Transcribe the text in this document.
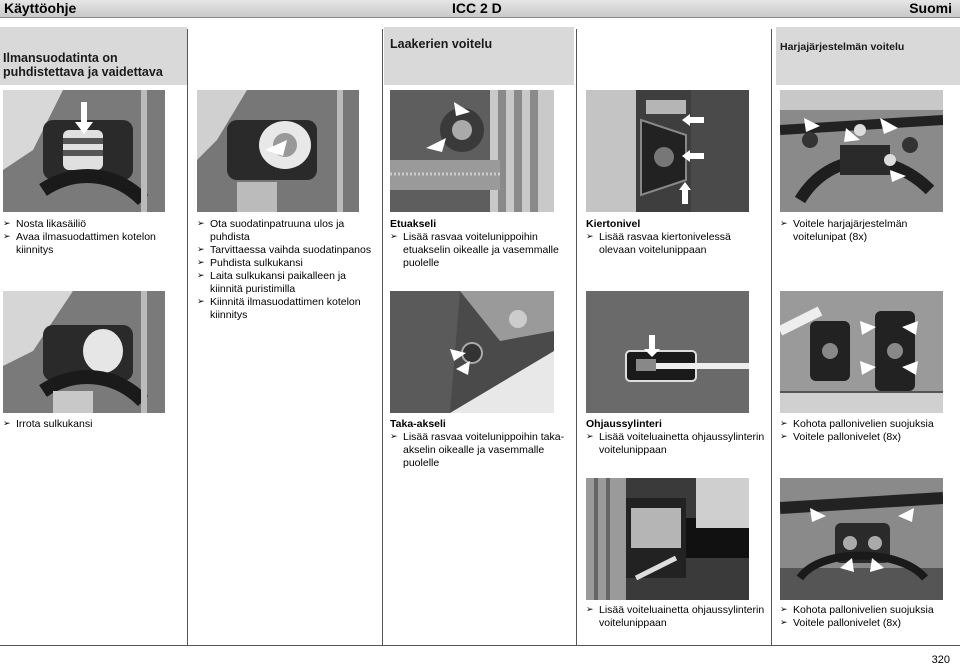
Käyttöohje	ICC 2 D	Suomi
Ilmansuodatinta on puhdistettava ja vaidettava
Laakerien voitelu	Harjajärjestelmän voitelu
➢ Nosta likasäiliö
➢ Avaa ilmasuodattimen kotelon kiinnitys
➢ Ota suodatinpatruuna ulos ja puhdista
➢ Tarvittaessa vaihda suodatinpanos
➢ Puhdista sulkukansi
➢ Laita sulkukansi paikalleen ja kiinnitä puristimilla
➢ Kiinnitä ilmasuodattimen kotelon kiinnitys
Etuakseli
➢ Lisää rasvaa voitelunippoihin etuakselin oikealle ja vasemmalle puolelle
Kiertonivel
➢ Lisää rasvaa kiertonivelessä olevaan voitelunippaan
➢ Voitele harjajärjestelmän voitelunipat (8x)
➢ Irrota sulkukansi	Taka-akseli
➢ Lisää rasvaa voitelunippoihin taka-akselin oikealle ja vasemmalle puolelle
Ohjaussylinteri
➢ Lisää voiteluainetta ohjaussylinterin voitelunippaan
➢ Kohota pallonivelien suojuksia
➢ Voitele pallonivelet (8x)
➢ Lisää voiteluainetta ohjaussylinterin voitelunippaan
➢ Kohota pallonivelien suojuksia
➢ Voitele pallonivelet (8x)
320
